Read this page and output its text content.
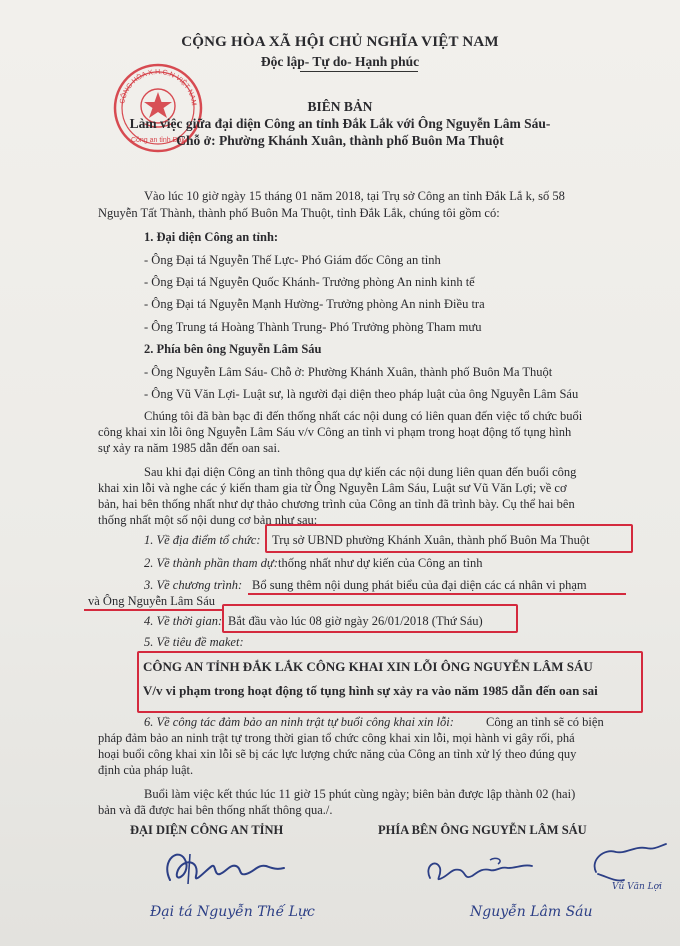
CỘNG HÒA XÃ HỘI CHỦ NGHĨA VIỆT NAM
Độc lập- Tự do- Hạnh phúc
CÔNG HÒA X.H.C.N VIỆT NAM
Công an tỉnh Đắk
BIÊN BẢN
Làm việc giữa đại diện Công an tỉnh Đắk Lắk với Ông Nguyễn Lâm Sáu-
Chỗ ở: Phường Khánh Xuân, thành phố Buôn Ma Thuột
Vào lúc 10 giờ ngày 15 tháng 01 năm 2018, tại Trụ sở Công an tỉnh Đắk Lắ k, số 58
Nguyễn Tất Thành, thành phố Buôn Ma Thuột, tỉnh Đắk Lắk, chúng tôi gồm có:
1. Đại diện Công an tỉnh:
- Ông Đại tá Nguyễn Thế Lực- Phó Giám đốc Công an tỉnh
- Ông Đại tá Nguyễn Quốc Khánh- Trưởng phòng An ninh kinh tế
- Ông Đại tá Nguyễn Mạnh Hường- Trưởng phòng An ninh Điều tra
- Ông Trung tá Hoàng Thành Trung- Phó Trưởng phòng Tham mưu
2. Phía bên ông Nguyễn Lâm Sáu
- Ông Nguyễn Lâm Sáu- Chỗ ở: Phường Khánh Xuân, thành phố Buôn Ma Thuột
- Ông Vũ Văn Lợi- Luật sư, là người đại diện theo pháp luật của ông Nguyễn Lâm Sáu
Chúng tôi đã bàn bạc đi đến thống nhất các nội dung có liên quan đến việc tổ chức buổi
công khai xin lỗi ông Nguyễn Lâm Sáu v/v Công an tỉnh vi phạm trong hoạt động tố tụng hình
sự xảy ra năm 1985 dẫn đến oan sai.
Sau khi đại diện Công an tỉnh thông qua dự kiến các nội dung liên quan đến buổi công
khai xin lỗi và nghe các ý kiến tham gia từ Ông Nguyễn Lâm Sáu, Luật sư Vũ Văn Lợi; về cơ
bản, hai bên thống nhất như dự thảo chương trình của Công an tỉnh đã trình bày. Cụ thể hai bên
thống nhất một số nội dung cơ bản như sau:
1. Về địa điểm tổ chức: Trụ sở UBND phường Khánh Xuân, thành phố Buôn Ma Thuột
2. Về thành phần tham dự: thống nhất như dự kiến của Công an tỉnh
3. Về chương trình: Bổ sung thêm nội dung phát biểu của đại diện các cá nhân vi phạm
và Ông Nguyễn Lâm Sáu
4. Về thời gian: Bắt đầu vào lúc 08 giờ ngày 26/01/2018 (Thứ Sáu)
5. Về tiêu đề maket:
CÔNG AN TỈNH ĐẮK LẮK CÔNG KHAI XIN LỖI ÔNG NGUYỄN LÂM SÁU
V/v vi phạm trong hoạt động tố tụng hình sự xảy ra vào năm 1985 dẫn đến oan sai
6. Về công tác đảm bảo an ninh trật tự buổi công khai xin lỗi:	Công an tỉnh sẽ có biện
pháp đảm bảo an ninh trật tự trong thời gian tổ chức công khai xin lỗi, mọi hành vi gây rối, phá
hoại buổi công khai xin lỗi sẽ bị các lực lượng chức năng của Công an tỉnh xử lý theo đúng quy
định của pháp luật.
Buổi làm việc kết thúc lúc 11 giờ 15 phút cùng ngày; biên bản được lập thành 02 (hai)
bản và đã được hai bên thống nhất thông qua./.
ĐẠI DIỆN CÔNG AN TỈNH	PHÍA BÊN ÔNG NGUYỄN LÂM SÁU
Đại tá Nguyễn Thế Lực	Nguyễn Lâm Sáu
Vũ Văn Lợi
